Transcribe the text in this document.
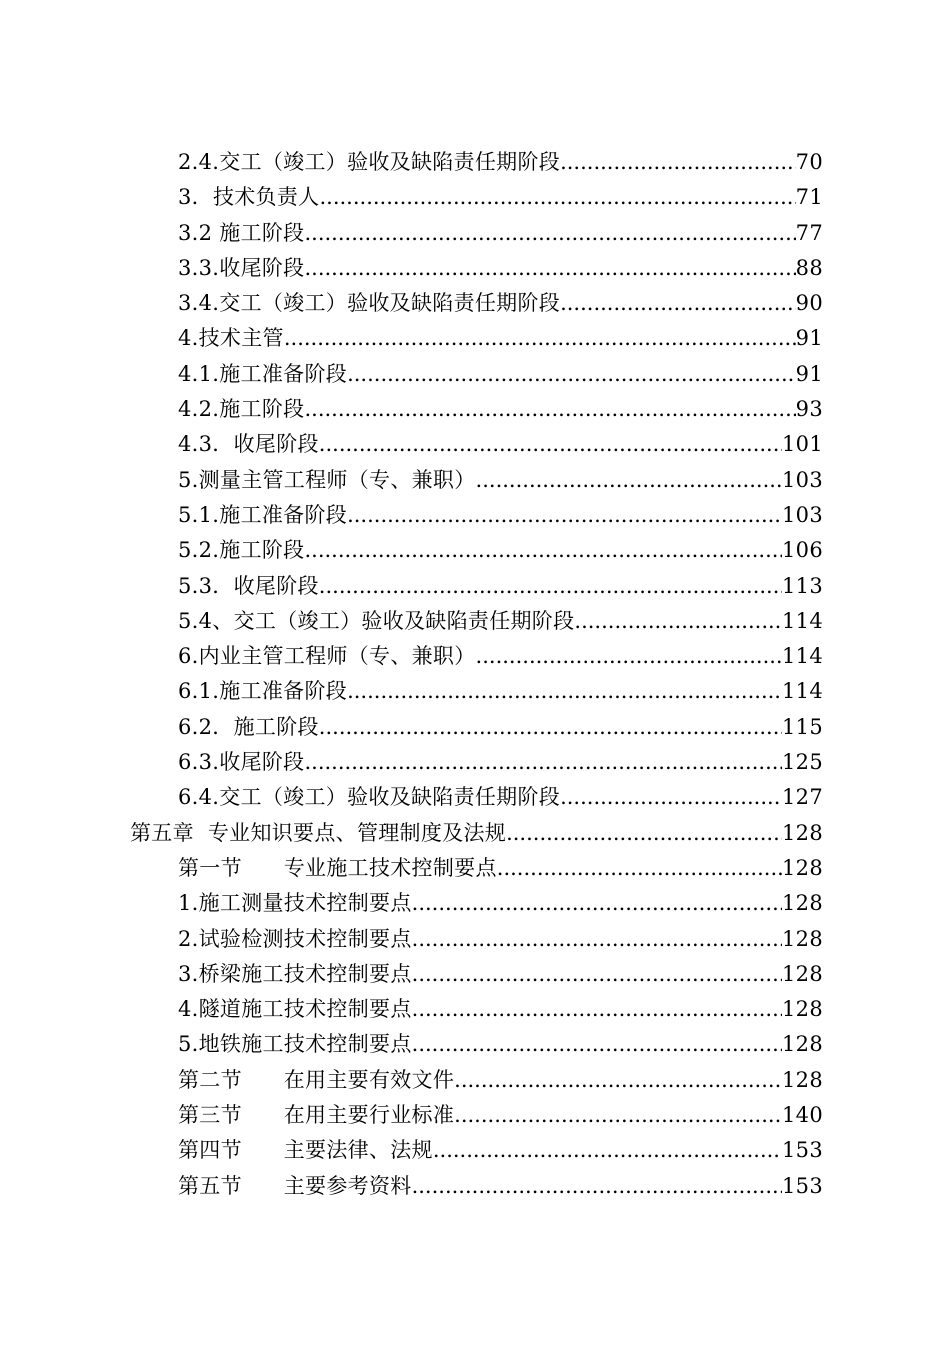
2.4.交工（竣工）验收及缺陷责任期阶段 .....	70
3．技术负责人 .....	71
3.2 施工阶段 .....	77
3.3.收尾阶段 .....	88
3.4.交工（竣工）验收及缺陷责任期阶段 .....	90
4.技术主管 .....	91
4.1.施工准备阶段 .....	91
4.2.施工阶段 .....	93
4.3．收尾阶段 .....	101
5.测量主管工程师（专、兼职） .....	103
5.1.施工准备阶段 .....	103
5.2.施工阶段 .....	106
5.3．收尾阶段 .....	113
5.4、交工（竣工）验收及缺陷责任期阶段 .....	114
6.内业主管工程师（专、兼职） .....	114
6.1.施工准备阶段 .....	114
6.2．施工阶段 .....	115
6.3.收尾阶段 .....	125
6.4.交工（竣工）验收及缺陷责任期阶段 .....	127
第五章  专业知识要点、管理制度及法规 .....	128
第一节      专业施工技术控制要点 .....	128
1.施工测量技术控制要点 .....	128
2.试验检测技术控制要点 .....	128
3.桥梁施工技术控制要点 .....	128
4.隧道施工技术控制要点 .....	128
5.地铁施工技术控制要点 .....	128
第二节      在用主要有效文件 .....	128
第三节      在用主要行业标准 .....	140
第四节      主要法律、法规 .....	153
第五节      主要参考资料 .....	153
